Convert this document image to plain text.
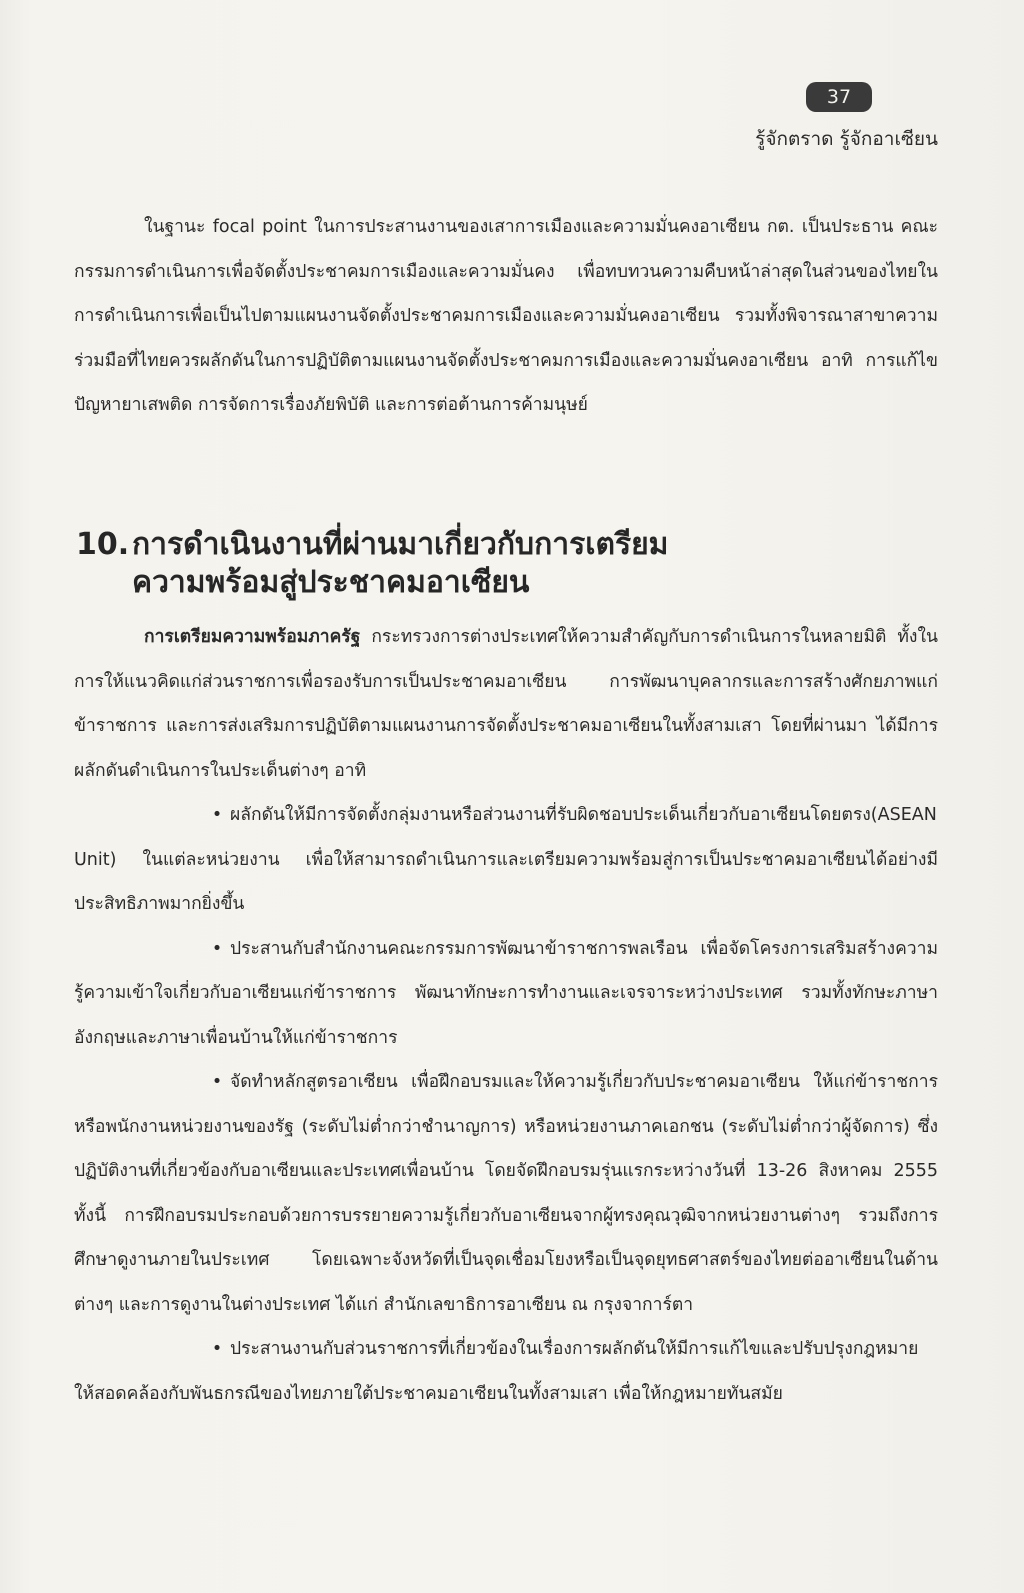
37
รู้จักตราด รู้จักอาเซียน

ในฐานะ focal point ในการประสานงานของเสาการเมืองและความมั่นคงอาเซียน กต. เป็นประธาน คณะกรรมการดำเนินการเพื่อจัดตั้งประชาคมการเมืองและความมั่นคง เพื่อทบทวนความคืบหน้าล่าสุดในส่วนของไทยในการดำเนินการเพื่อเป็นไปตามแผนงานจัดตั้งประชาคมการเมืองและความมั่นคงอาเซียน รวมทั้งพิจารณาสาขาความร่วมมือที่ไทยควรผลักดันในการปฏิบัติตามแผนงานจัดตั้งประชาคมการเมืองและความมั่นคงอาเซียน อาทิ การแก้ไขปัญหายาเสพติด การจัดการเรื่องภัยพิบัติ และการต่อต้านการค้ามนุษย์

10.การดำเนินงานที่ผ่านมาเกี่ยวกับการเตรียม
ความพร้อมสู่ประชาคมอาเซียน

การเตรียมความพร้อมภาครัฐ กระทรวงการต่างประเทศให้ความสำคัญกับการดำเนินการในหลายมิติ ทั้งในการให้แนวคิดแก่ส่วนราชการเพื่อรองรับการเป็นประชาคมอาเซียน การพัฒนาบุคลากรและการสร้างศักยภาพแก่ข้าราชการ และการส่งเสริมการปฏิบัติตามแผนงานการจัดตั้งประชาคมอาเซียนในทั้งสามเสา โดยที่ผ่านมา ได้มีการผลักดันดำเนินการในประเด็นต่างๆ อาทิ

• ผลักดันให้มีการจัดตั้งกลุ่มงานหรือส่วนงานที่รับผิดชอบประเด็นเกี่ยวกับอาเซียนโดยตรง(ASEAN Unit) ในแต่ละหน่วยงาน เพื่อให้สามารถดำเนินการและเตรียมความพร้อมสู่การเป็นประชาคมอาเซียนได้อย่างมีประสิทธิภาพมากยิ่งขึ้น

• ประสานกับสำนักงานคณะกรรมการพัฒนาข้าราชการพลเรือน เพื่อจัดโครงการเสริมสร้างความรู้ความเข้าใจเกี่ยวกับอาเซียนแก่ข้าราชการ พัฒนาทักษะการทำงานและเจรจาระหว่างประเทศ รวมทั้งทักษะภาษาอังกฤษและภาษาเพื่อนบ้านให้แก่ข้าราชการ

• จัดทำหลักสูตรอาเซียน เพื่อฝึกอบรมและให้ความรู้เกี่ยวกับประชาคมอาเซียน ให้แก่ข้าราชการหรือพนักงานหน่วยงานของรัฐ (ระดับไม่ต่ำกว่าชำนาญการ) หรือหน่วยงานภาคเอกชน (ระดับไม่ต่ำกว่าผู้จัดการ) ซึ่งปฏิบัติงานที่เกี่ยวข้องกับอาเซียนและประเทศเพื่อนบ้าน โดยจัดฝึกอบรมรุ่นแรกระหว่างวันที่ 13-26 สิงหาคม 2555 ทั้งนี้ การฝึกอบรมประกอบด้วยการบรรยายความรู้เกี่ยวกับอาเซียนจากผู้ทรงคุณวุฒิจากหน่วยงานต่างๆ รวมถึงการศึกษาดูงานภายในประเทศ โดยเฉพาะจังหวัดที่เป็นจุดเชื่อมโยงหรือเป็นจุดยุทธศาสตร์ของไทยต่ออาเซียนในด้านต่างๆ และการดูงานในต่างประเทศ ได้แก่ สำนักเลขาธิการอาเซียน ณ กรุงจาการ์ตา

• ประสานงานกับส่วนราชการที่เกี่ยวข้องในเรื่องการผลักดันให้มีการแก้ไขและปรับปรุงกฎหมายให้สอดคล้องกับพันธกรณีของไทยภายใต้ประชาคมอาเซียนในทั้งสามเสา เพื่อให้กฎหมายทันสมัย
